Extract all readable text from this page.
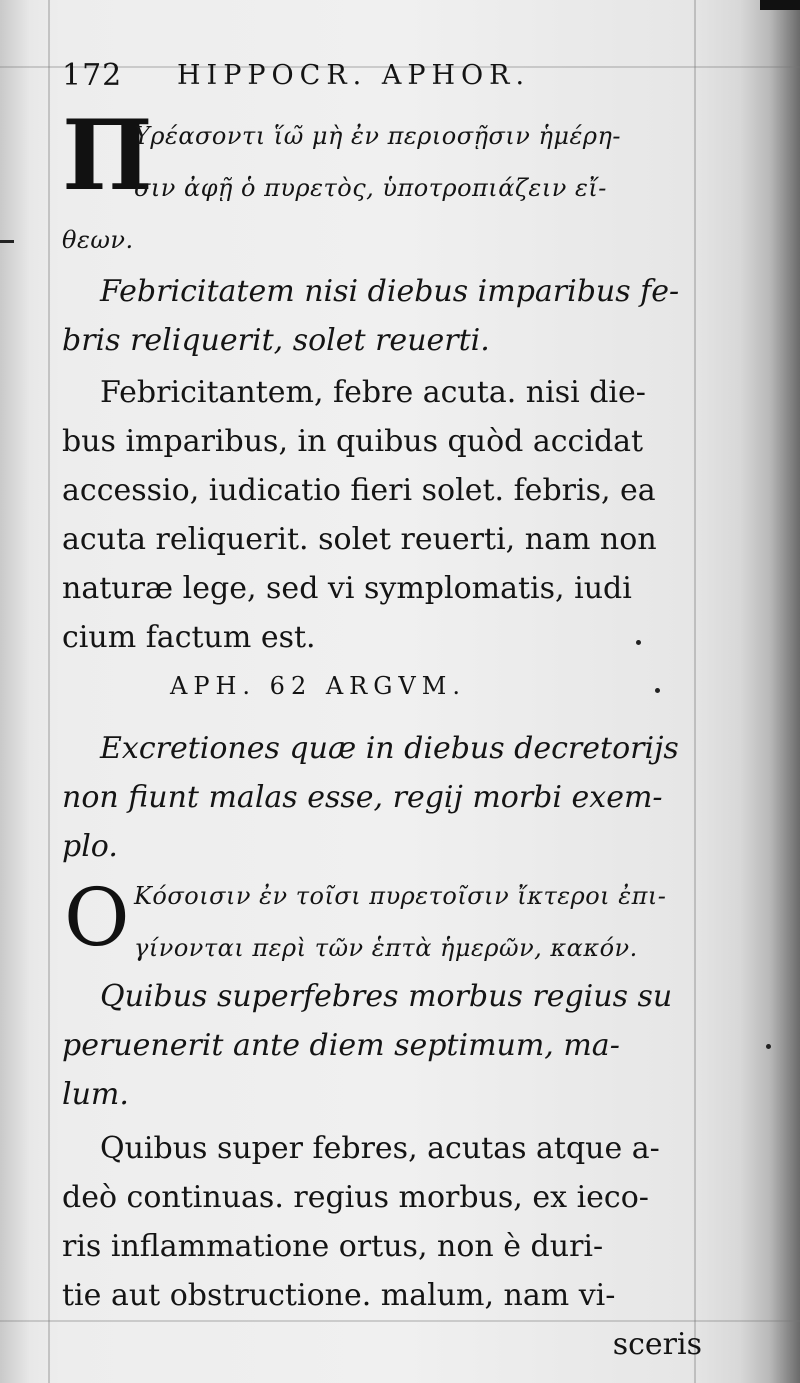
172 HIPPOCR. APHOR.
Π
Υρέασοντι ἵω̃ μὴ ἐν περιοσῇσιν ἡμέρη-
σιν ἀφῇ ὁ πυρετὸς, ὑποτροπιάζειν εἴ-
θεων.
Febricitatem nisi diebus imparibus fe-
bris reliquerit, solet reuerti.
Febricitantem, febre acuta. nisi die-
bus imparibus, in quibus quòd accidat
accessio, iudicatio fieri solet. febris, ea
acuta reliquerit. solet reuerti, nam non
naturæ lege, sed vi symplomatis, iudi
cium factum est.
APH. 62 ARGVM.
Excretiones quæ in diebus decretorijs
non fiunt malas esse, regij morbi exem-
plo.
O Κόσοισιν ἐν τοῖσι πυρετοῖσιν ἴκτεροι ἐπι-
γίνονται περὶ τῶν ἑπτὰ ἡμερῶν, κακόν.
Quibus superfebres morbus regius su
peruenerit ante diem septimum, ma-
lum.
Quibus super febres, acutas atque a-
deò continuas. regius morbus, ex ieco-
ris inflammatione ortus, non è duri-
tie aut obstructione. malum, nam vi-
sceris
